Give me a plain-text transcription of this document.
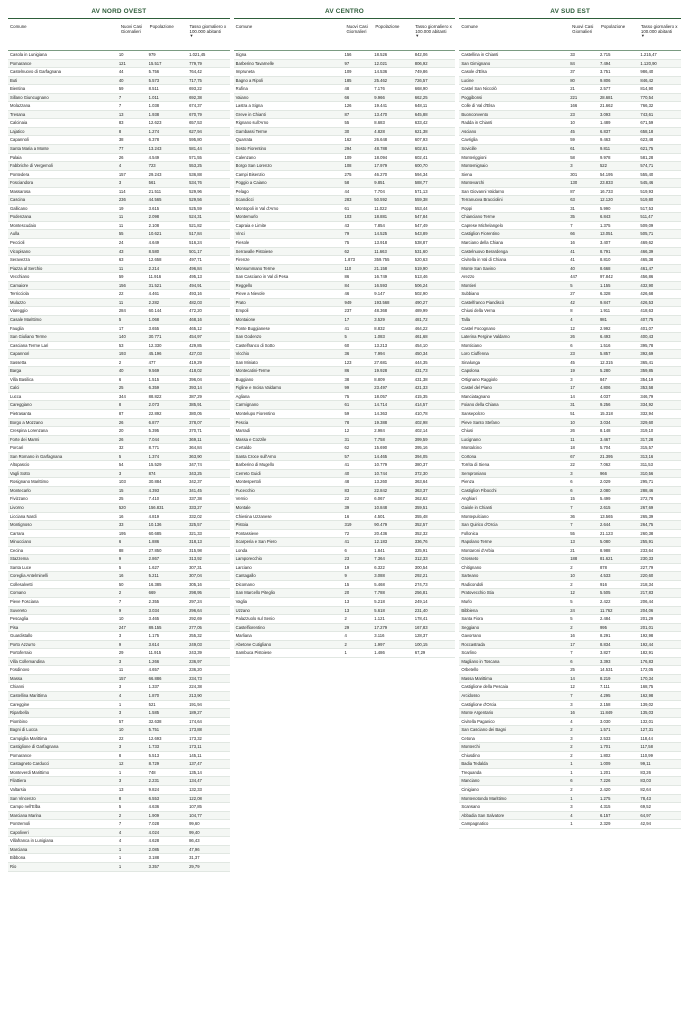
AV NORD OVEST
Comune	Nuovi Casi Giornalieri
Popolazione	Tasso giornaliero x 100.000 abitanti
▼
Casola in Lunigiana	10	979	1.021,45
Pomarance	121	15.517	779,79
Castelnuovo di Garfagnana	44	5.756	764,42
Buti	40	5.573	717,75
Bientina	59	8.511	693,22
Sillano Giuncugnano	7	1.011	692,38
Molazzana	7	1.038	674,37
Tresana	13	1.938	670,79
Calcinaia	83	12.623	657,53
Lajatico	8	1.274	627,94
Capannoli	38	6.378	595,80
Santa Maria a Monte	77	13.243	581,44
Palaia	26	4.549	571,55
Fabbriche di Vergemoli	4	723	553,25
Pontedera	157	29.243	536,88
Fosciandora	3	561	534,76
Massarosa	114	21.511	529,96
Cascina	236	44.565	529,56
Gallicano	19	3.615	525,59
Podenzana	11	2.098	524,31
Montescudaio	11	2.108	521,82
Aulla	55	10.621	517,84
Peccioli	24	4.649	516,24
Vicopisano	43	8.580	501,17
Seravezza	63	12.658	497,71
Piazza al Serchio	11	2.214	496,84
Vecchiano	59	11.916	495,13
Camaiore	156	31.521	494,91
Terricciola	22	4.461	493,16
Mulazzo	11	2.282	482,03
Viareggio	284	60.144	472,20
Casale Marittimo	5	1.068	468,16
Fauglia	17	3.655	465,12
San Giuliano Terme	140	30.771	454,97
Casciana Terme Lari	53	12.330	429,85
Capannori	193	45.196	427,03
Sassetta	2	477	419,29
Barga	40	9.569	418,02
Villa Basilica	6	1.515	396,04
Calci	25	6.359	393,14
Lucca	344	88.822	387,29
Careggiano	8	2.073	385,91
Pietrasanta	87	22.892	380,05
Borgo a Mozzano	26	6.877	378,07
Crespina Lorenzana	20	5.395	370,71
Forte dei Marmi	26	7.044	369,11
Porcari	32	8.771	364,84
San Romano in Garfagnana	5	1.374	363,90
Altopascio	54	15.529	347,74
Vagli Sotto	3	874	343,25
Rosignano Marittimo	103	30.884	342,37
Montecarlo	15	4.393	341,45
Fivizzano	25	7.410	337,38
Livorno	520	156.831	333,27
Licciana Nardi	16	4.819	332,02
Montignoso	33	10.136	325,57
Carrara	195	60.685	321,33
Minucciano	6	1.886	318,13
Cecina	88	27.850	315,98
Stazzema	9	2.867	313,92
Santa Luce	5	1.627	307,31
Coreglia Antelminelli	16	5.211	307,04
Collesalvetti	50	16.385	305,16
Comano	2	669	298,95
Pieve Fosciana	7	2.355	297,24
Suvereto	9	3.034	296,64
Pescaglia	10	3.465	292,69
Pisa	247	89.155	277,05
Guardistallo	3	1.175	255,32
Porto Azzurro	9	3.614	249,03
Portoferraio	29	11.915	243,39
Villa Collemandina	3	1.266	236,97
Fosdinovo	11	4.657	236,20
Massa	157	66.886	234,73
Chianni	3	1.337	224,38
Castellina Marittima	4	1.870	213,90
Careggine	1	521	191,94
Riparbella	3	1.585	189,27
Piombino	57	32.638	174,64
Bagni di Lucca	10	5.751	173,88
Campiglia Marittima	22	12.693	173,32
Castiglione di Garfagnana	3	1.733	173,11
Pomarance	8	5.513	145,11
Castagneto Carducci	12	8.729	137,47
Monteverdi Marittimo	1	748	135,14
Filattiera	3	2.231	134,47
Valtarsia	13	9.824	132,33
San Vincenzo	8	6.553	122,08
Campo nell'Elba	5	4.636	107,85
Marciana Marina	2	1.909	104,77
Pontremoli	7	7.028	99,60
Capoliveri	4	4.024	99,40
Villafranca in Lunigiana	4	4.628	86,43
Marciana	1	2.085	47,96
Bibbona	1	3.188	31,37
Rio	1	3.357	29,79
AV CENTRO
Comune	Nuovi Casi Giornalieri
Popolazione	Tasso giornaliero x 100.000 abitanti
▼
Signa	156	18.526	842,06
Barberino Tavarnelle	97	12.021	806,92
Impruneta	109	14.536	749,86
Bagno a Ripoli	185	25.462	726,57
Rufina	48	7.176	668,90
Vaiano	66	9.966	662,25
Lastra a Signa	126	19.441	648,11
Greve in Chianti	87	13.470	645,88
Rignano sull'Arno	55	8.683	633,42
Gambassi Terme	30	4.828	621,38
Quarrata	162	26.648	607,93
Sesto Fiorentino	294	48.788	602,61
Calenzano	109	18.094	602,41
Borgo San Lorenzo	108	17.979	600,70
Campi Bisenzio	275	46.270	594,34
Poggio a Caiano	58	9.851	588,77
Pelago	44	7.704	571,13
Scandicci	283	50.592	559,38
Montopoli in Val d'Arno	61	11.022	553,44
Montemurlo	103	18.881	547,84
Capraia e Limite	43	7.854	547,49
Vinci	79	14.525	543,89
Fiesole	75	13.918	538,87
Serravalle Pistoiese	62	11.663	531,60
Firenze	1.873	359.755	520,63
Monsummano Terme	110	21.158	519,90
San Casciano in Val di Pesa	86	16.749	513,46
Reggello	84	16.593	506,24
Pieve a Nievole	46	9.147	502,90
Prato	949	193.568	490,27
Empoli	237	48.368	489,99
Montaione	17	3.529	481,72
Ponte Buggianese	41	8.832	464,22
San Godenzo	5	1.083	461,68
Castelfranco di Sotto	60	13.213	454,10
Vicchio	36	7.994	450,34
San Miniato	123	27.681	444,35
Montecatini-Terme	86	19.928	431,73
Buggiano	38	8.809	431,38
Figline e Incisa Valdarno	99	23.497	421,33
Agliana	75	18.057	415,35
Carmignano	61	14.714	414,57
Montelupo Fiorentino	59	14.363	410,78
Pescia	78	19.388	402,98
Marradi	12	2.984	402,14
Massa e Cozzile	31	7.758	399,59
Certaldo	62	15.690	395,16
Santa Croce sull'Arno	57	14.465	394,05
Barberino di Mugello	41	10.779	380,37
Cerreto Guidi	40	10.744	372,30
Montespertoli	48	13.260	363,64
Fucecchio	83	22.842	363,37
Vernio	22	6.067	362,62
Montale	39	10.848	359,51
Chiesina Uzzanese	16	4.501	355,48
Pistoia	319	90.479	352,57
Pontassieve	72	20.436	352,32
Scarperia e San Piero	41	12.183	336,76
Londa	6	1.841	325,91
Lamporecchio	23	7.364	312,33
Larciano	19	6.322	300,54
Cantagallo	9	3.088	292,21
Dicomano	15	5.468	274,73
San Marcello Piteglio	20	7.788	256,81
Vaglia	13	5.218	249,14
Uzzano	13	5.618	231,40
Palazzuolo sul Senio	2	1.121	178,41
Castelfiorentino	29	17.279	167,83
Marliana	4	3.116	128,37
Abetone Cutigliano	2	1.997	100,15
Sambuca Pistoiese	1	1.486	67,29
AV SUD EST
Comune	Nuovi Casi Giornalieri
Popolazione	Tasso giornaliero x 100.000 abitanti
▼
Castellina in Chianti	33	2.715	1.215,47
San Gimignano	84	7.494	1.120,90
Casole d'Elsa	37	3.751	986,40
Lucine	80	9.806	846,42
Castel San Niccolò	21	2.577	814,90
Poggibonsi	221	28.681	770,54
Colle di Val d'Elsa	166	21.662	766,32
Buonconvento	23	3.093	743,61
Radda in Chianti	10	1.489	671,59
Asciano	45	6.837	658,18
Cavriglia	59	9.463	623,48
Sovicille	61	9.811	621,75
Monteriggioni	58	9.978	581,28
Montemignaio	3	522	574,71
Siena	301	54.195	555,40
Montevarchi	130	23.833	545,46
San Giovanni Valdarno	87	16.733	519,93
Terranuova Bracciolini	63	12.120	519,80
Poppi	31	5.990	517,53
Chianciano Terme	35	6.843	511,47
Caprese Michelangelo	7	1.375	509,09
Castiglion Fiorentino	66	13.051	505,71
Marciano della Chiana	16	3.407	469,62
Castelnuovo Berardenga	41	8.791	466,39
Civitella in Val di Chiana	41	8.810	465,38
Monte San Savino	40	8.668	461,47
Arezzo	447	97.842	456,86
Montieri	5	1.155	432,90
Subbiano	27	6.328	426,68
Castelfranco Piandiscò	42	9.847	426,53
Chiusi della Verna	8	1.911	418,63
Talla	4	981	407,75
Castel Focognano	12	2.992	401,07
Laterina Pergine Valdarno	26	6.493	400,43
Monticiano	6	1.516	395,78
Loro Ciuffenna	23	5.857	392,69
Sinalunga	45	12.315	365,41
Capolona	19	5.280	359,85
Ortignano Raggiolo	3	847	354,19
Castel del Piano	17	4.806	353,58
Manciatagnano	14	4.037	346,79
Foiano della Chiana	31	9.256	334,92
Sansepolcro	51	15.318	332,94
Pieve Santo Stefano	10	3.034	329,60
Chiusi	26	8.148	319,10
Lucignano	11	3.467	317,28
Montalcino	18	5.704	315,57
Cortona	67	21.395	313,16
Torrita di Siena	22	7.062	311,53
Semproniano	3	966	310,56
Pienza	6	2.029	295,71
Castiglion Fibocchi	6	2.080	288,46
Anghiari	15	5.499	272,78
Gaiole in Chianti	7	2.615	267,69
Montepulciano	36	13.565	265,39
San Quirico d'Orcia	7	2.644	264,75
Follonica	55	21.123	260,38
Rapolano Terme	13	5.080	255,91
Montaroni d'Arbia	21	8.988	233,64
Grosseto	188	81.621	230,33
Chitignano	2	878	227,79
Sarteano	10	4.533	220,60
Radicondoli	2	916	218,34
Pratovecchio Stia	12	5.505	217,83
Murlo	5	2.422	206,44
Bibbiena	24	11.762	204,06
Santa Fiora	5	2.484	201,29
Seggiano	2	995	201,01
Gavorrano	16	8.291	192,98
Roccastrada	17	8.834	192,44
Scarlino	7	3.827	182,91
Magliano in Toscana	6	3.393	176,83
Orbetello	25	14.531	172,05
Massa Marittima	14	8.219	170,34
Castiglione della Pescaia	12	7.111	168,75
Arcidosso	7	4.295	162,98
Castiglione d'Orcia	3	2.158	139,02
Monte Argentario	16	11.849	135,03
Civitella Paganico	4	3.030	132,01
San Casciano dei Bagni	2	1.571	127,31
Cetona	3	2.533	118,44
Monterchi	2	1.701	117,58
Chiusdino	2	1.802	110,99
Badia Tedalda	1	1.009	99,11
Trequanda	1	1.201	83,26
Manciano	6	7.226	83,03
Cinigiano	2	2.420	82,64
Montenotondo Marittimo	1	1.275	78,43
Scansano	3	4.315	69,52
Abbadia San Salvatore	4	6.157	64,97
Campagnatico	1	2.329	42,94
